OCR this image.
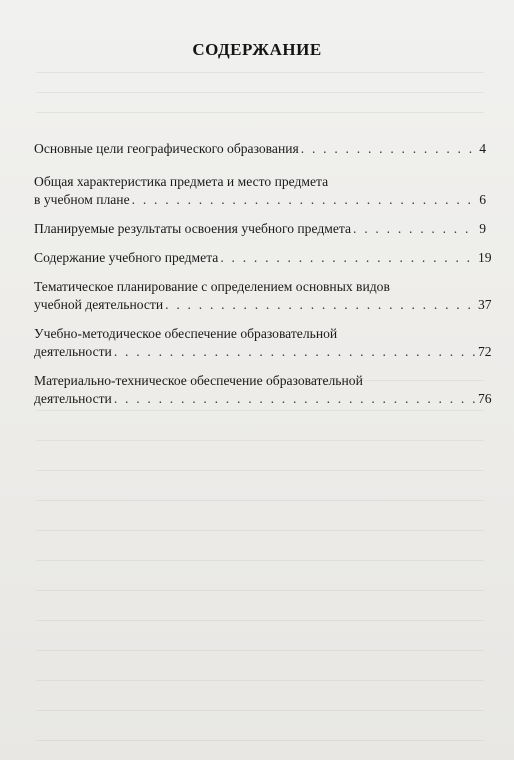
СОДЕРЖАНИЕ
Основные цели географического образования . . .	4
Общая характеристика предмета и место предмета
в учебном плане . . .	6
Планируемые результаты освоения учебного предмета . . .	9
Содержание учебного предмета . . .	19
Тематическое планирование с определением основных видов
учебной деятельности . . .	37
Учебно-методическое обеспечение образовательной
деятельности . . .	72
Материально-техническое обеспечение образовательной
деятельности . . .	76
